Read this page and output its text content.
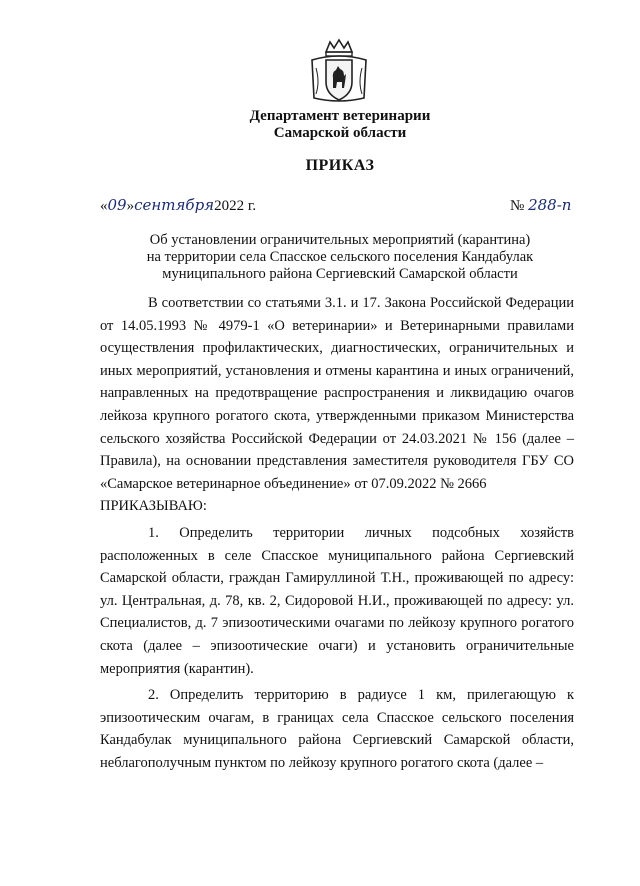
Департамент ветеринарии
Самарской области
ПРИКАЗ
«09»сентября2022 г.	№ 288-п
Об установлении ограничительных мероприятий (карантина)
на территории села Спасское сельского поселения Кандабулак
муниципального района Сергиевский Самарской области

В соответствии со статьями 3.1. и 17. Закона Российской Федерации от 14.05.1993 № 4979-1 «О ветеринарии» и Ветеринарными правилами осуществления профилактических, диагностических, ограничительных и иных мероприятий, установления и отмены карантина и иных ограничений, направленных на предотвращение распространения и ликвидацию очагов лейкоза крупного рогатого скота, утвержденными приказом Министерства сельского хозяйства Российской Федерации от 24.03.2021 № 156 (далее – Правила), на основании представления заместителя руководителя ГБУ СО «Самарское ветеринарное объединение» от 07.09.2022 № 2666

ПРИКАЗЫВАЮ:

1. Определить территории личных подсобных хозяйств расположенных в селе Спасское муниципального района Сергиевский Самарской области, граждан Гамируллиной Т.Н., проживающей по адресу: ул. Центральная, д. 78, кв. 2, Сидоровой Н.И., проживающей по адресу: ул. Специалистов, д. 7 эпизоотическими очагами по лейкозу крупного рогатого скота (далее – эпизоотические очаги) и установить ограничительные мероприятия (карантин).

2. Определить территорию в радиусе 1 км, прилегающую к эпизоотическим очагам, в границах села Спасское сельского поселения Кандабулак муниципального района Сергиевский Самарской области, неблагополучным пунктом по лейкозу крупного рогатого скота (далее –
